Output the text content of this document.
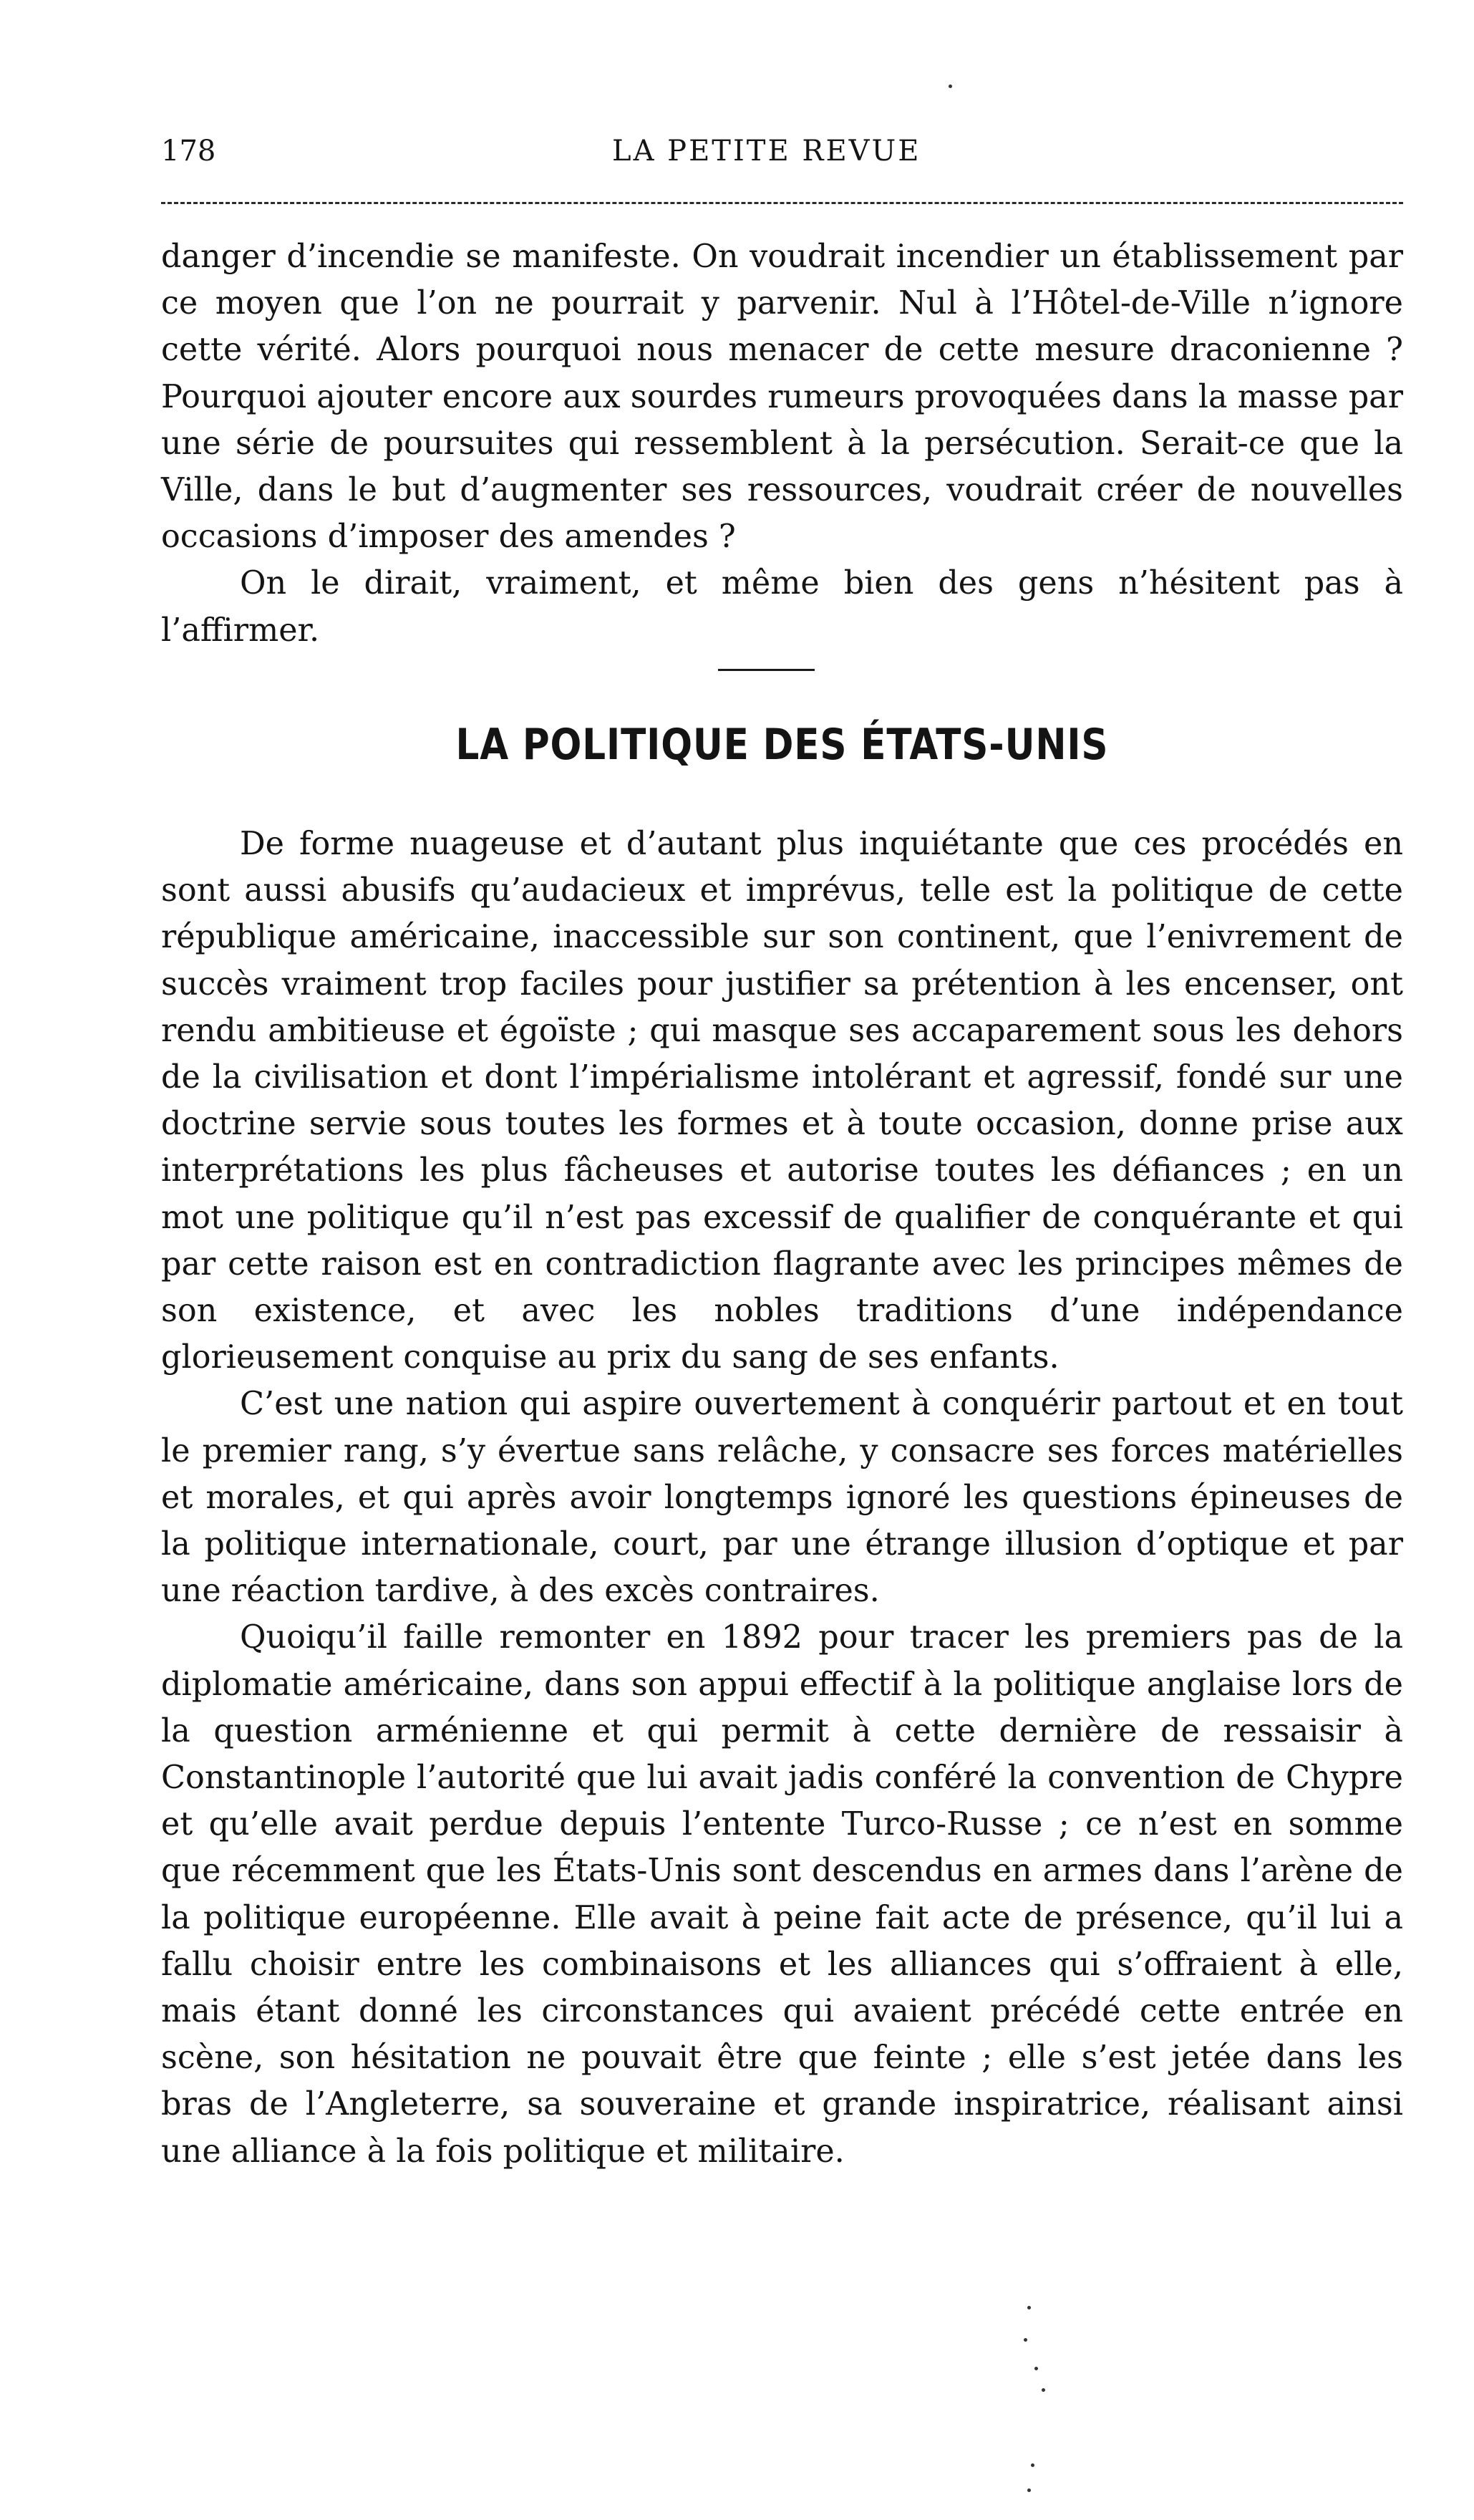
178	LA PETITE REVUE

danger d’incendie se manifeste. On voudrait incendier un établissement par ce moyen que l’on ne pourrait y parvenir. Nul à l’Hôtel-de-Ville n’ignore cette vérité. Alors pourquoi nous menacer de cette mesure draconienne ? Pourquoi ajouter encore aux sourdes rumeurs provoquées dans la masse par une série de poursuites qui ressemblent à la persécution. Serait-ce que la Ville, dans le but d’augmenter ses ressources, voudrait créer de nouvelles occasions d’imposer des amendes ?

On le dirait, vraiment, et même bien des gens n’hésitent pas à l’affirmer.

LA POLITIQUE DES ÉTATS-UNIS

De forme nuageuse et d’autant plus inquiétante que ces procédés en sont aussi abusifs qu’audacieux et imprévus, telle est la politique de cette république américaine, inaccessible sur son continent, que l’enivrement de succès vraiment trop faciles pour justifier sa prétention à les encenser, ont rendu ambitieuse et égoïste ; qui masque ses accaparement sous les dehors de la civilisation et dont l’impérialisme intolérant et agressif, fondé sur une doctrine servie sous toutes les formes et à toute occasion, donne prise aux interprétations les plus fâcheuses et autorise toutes les défiances ; en un mot une politique qu’il n’est pas excessif de qualifier de conquérante et qui par cette raison est en contradiction flagrante avec les principes mêmes de son existence, et avec les nobles traditions d’une indépendance glorieusement conquise au prix du sang de ses enfants.

C’est une nation qui aspire ouvertement à conquérir partout et en tout le premier rang, s’y évertue sans relâche, y consacre ses forces matérielles et morales, et qui après avoir longtemps ignoré les questions épineuses de la politique internationale, court, par une étrange illusion d’optique et par une réaction tardive, à des excès contraires.

Quoiqu’il faille remonter en 1892 pour tracer les premiers pas de la diplomatie américaine, dans son appui effectif à la politique anglaise lors de la question arménienne et qui permit à cette dernière de ressaisir à Constantinople l’autorité que lui avait jadis conféré la convention de Chypre et qu’elle avait perdue depuis l’entente Turco-Russe ; ce n’est en somme que récemment que les États-Unis sont descendus en armes dans l’arène de la politique européenne. Elle avait à peine fait acte de présence, qu’il lui a fallu choisir entre les combinaisons et les alliances qui s’offraient à elle, mais étant donné les circonstances qui avaient précédé cette entrée en scène, son hésitation ne pouvait être que feinte ; elle s’est jetée dans les bras de l’Angleterre, sa souveraine et grande inspiratrice, réalisant ainsi une alliance à la fois politique et militaire.
